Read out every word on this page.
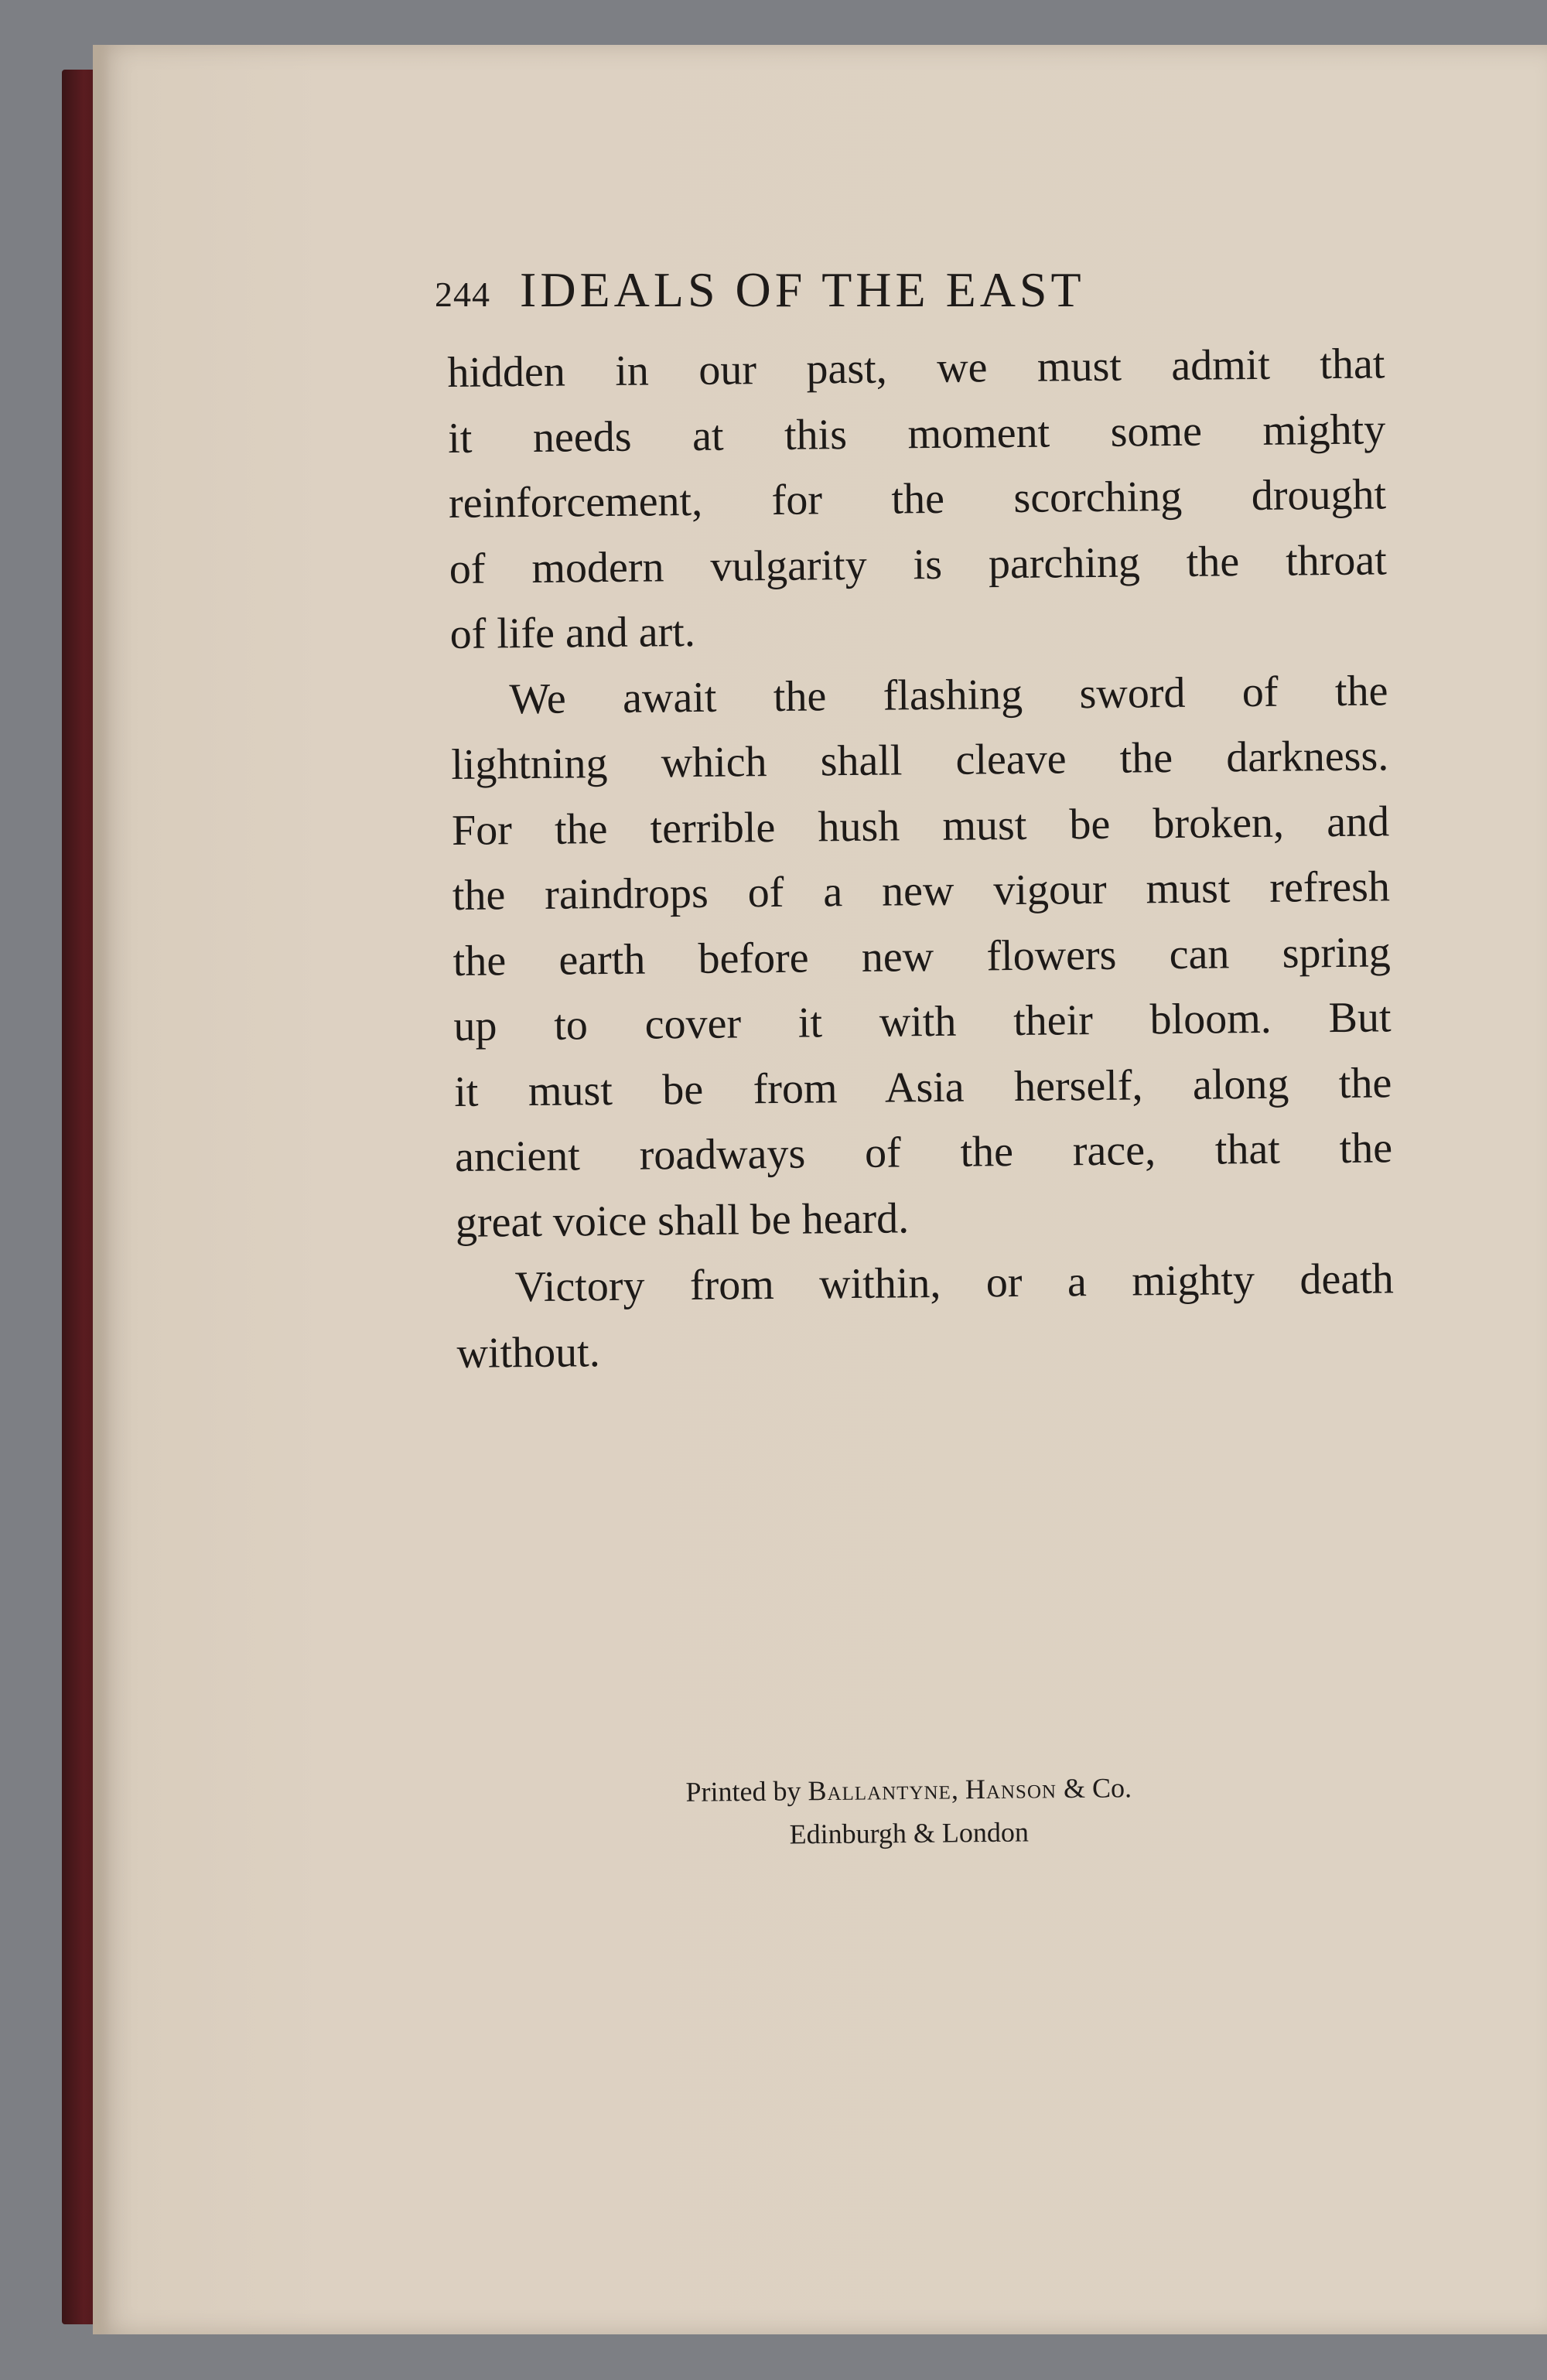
244 IDEALS OF THE EAST
hidden in our past, we must admit that
it needs at this moment some mighty
reinforcement, for the scorching drought
of modern vulgarity is parching the throat
of life and art.
We await the flashing sword of the
lightning which shall cleave the darkness.
For the terrible hush must be broken, and
the raindrops of a new vigour must refresh
the earth before new flowers can spring
up to cover it with their bloom. But
it must be from Asia herself, along the
ancient roadways of the race, that the
great voice shall be heard.
Victory from within, or a mighty death
without.
Printed by Ballantyne, Hanson & Co.
Edinburgh & London
